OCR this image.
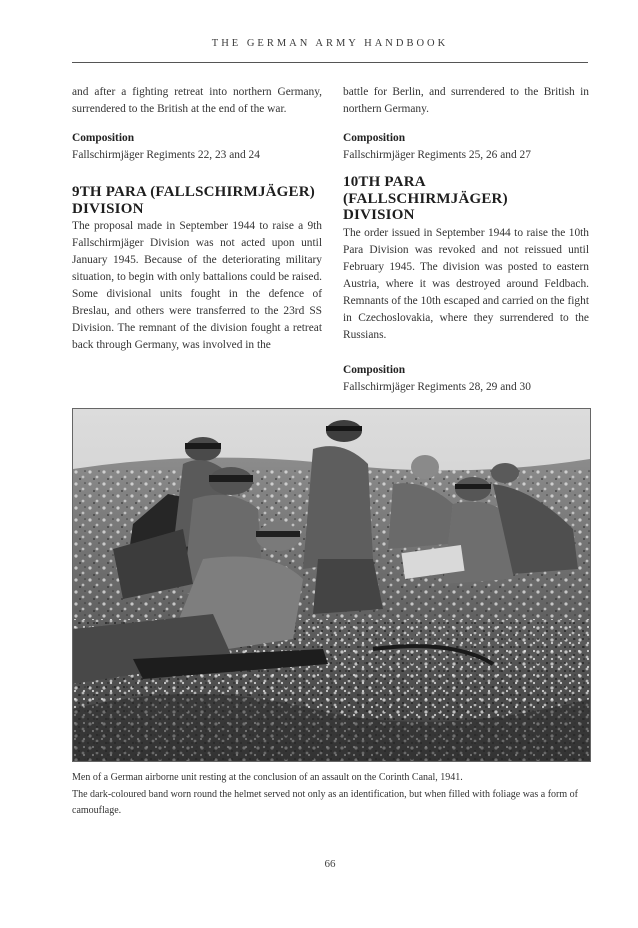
THE GERMAN ARMY HANDBOOK

and after a fighting retreat into northern Germany, surrendered to the British at the end of the war.

Composition

Fallschirmjäger Regiments 22, 23 and 24

9TH PARA (FALLSCHIRMJÄGER)
DIVISION

The proposal made in September 1944 to raise a 9th Fallschirmjäger Division was not acted upon until January 1945. Because of the deteriorating military situation, to begin with only battalions could be raised. Some divisional units fought in the defence of Breslau, and others were transferred to the 23rd SS Division. The remnant of the division fought a retreat back through Germany, was involved in the

battle for Berlin, and surrendered to the British in northern Germany.

Composition

Fallschirmjäger Regiments 25, 26 and 27

10TH PARA (FALLSCHIRMJÄGER)
DIVISION

The order issued in September 1944 to raise the 10th Para Division was revoked and not reissued until February 1945. The division was posted to eastern Austria, where it was destroyed around Feldbach. Remnants of the 10th escaped and carried on the fight in Czechoslovakia, where they surrendered to the Russians.

Composition

Fallschirmjäger Regiments 28, 29 and 30

Men of a German airborne unit resting at the conclusion of an assault on the Corinth Canal, 1941.

The dark-coloured band worn round the helmet served not only as an identification, but when filled with foliage was a form of camouflage.

66
